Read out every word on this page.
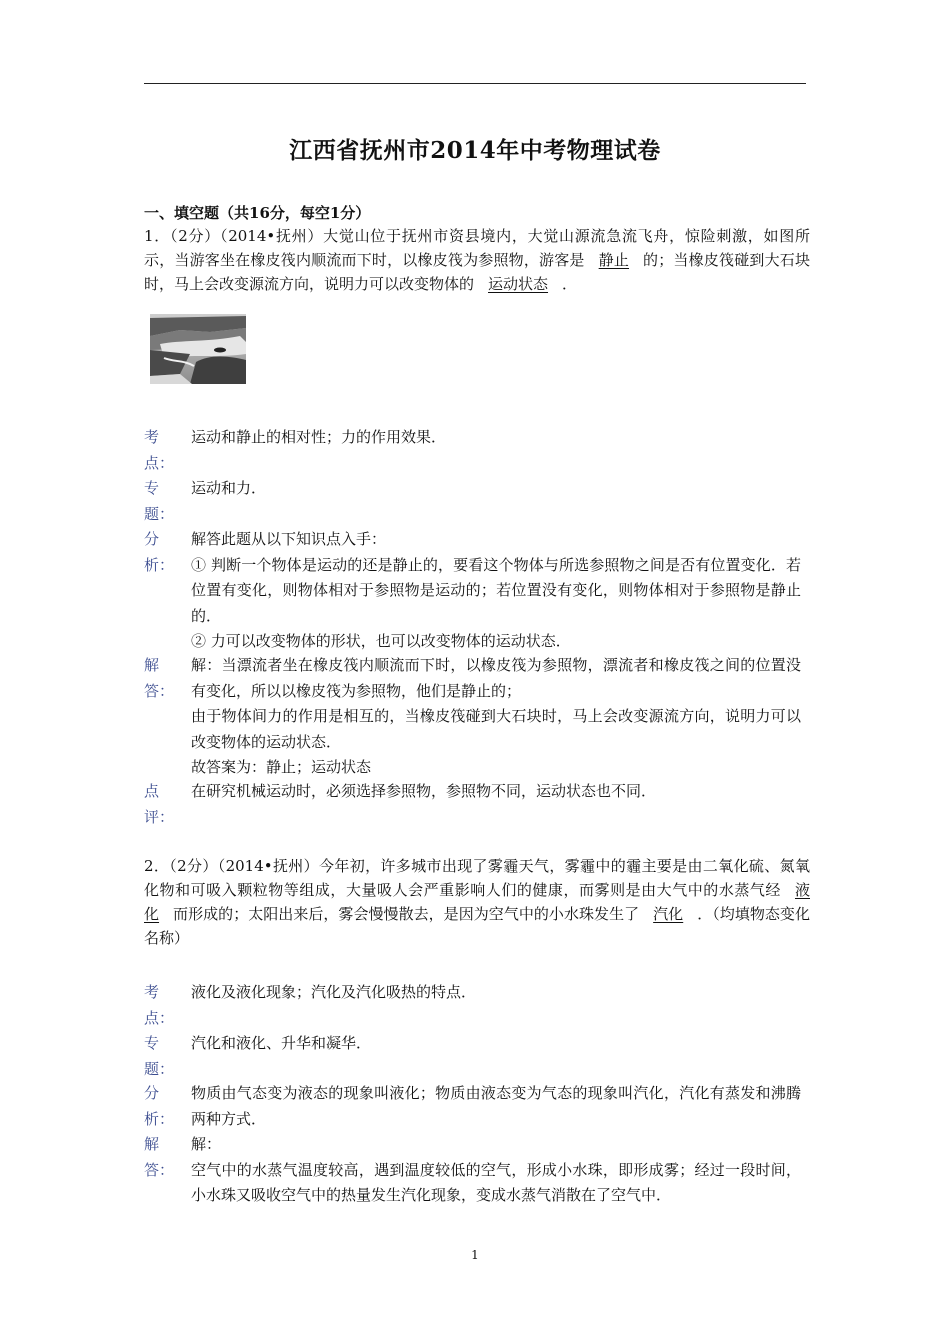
江西省抚州市2014年中考物理试卷
一、填空题（共16分，每空1分）
1．（2分）（2014•抚州）大觉山位于抚州市资县境内，大觉山源流急流飞舟，惊险刺激，如图所示，当游客坐在橡皮筏内顺流而下时，以橡皮筏为参照物，游客是 静止 的；当橡皮筏碰到大石块时，马上会改变源流方向，说明力可以改变物体的 运动状态 ．
考
点：
运动和静止的相对性；力的作用效果．
专
题：
运动和力．
分
析：
解答此题从以下知识点入手：
① 判断一个物体是运动的还是静止的，要看这个物体与所选参照物之间是否有位置变化．若位置有变化，则物体相对于参照物是运动的；若位置没有变化，则物体相对于参照物是静止的．
② 力可以改变物体的形状，也可以改变物体的运动状态．
解
答：
解：当漂流者坐在橡皮筏内顺流而下时，以橡皮筏为参照物，漂流者和橡皮筏之间的位置没有变化，所以以橡皮筏为参照物，他们是静止的；
由于物体间力的作用是相互的，当橡皮筏碰到大石块时，马上会改变源流方向，说明力可以改变物体的运动状态．
故答案为：静止；运动状态
点
评：
在研究机械运动时，必须选择参照物，参照物不同，运动状态也不同．
2．（2分）（2014•抚州）今年初，许多城市出现了雾霾天气，雾霾中的霾主要是由二氧化硫、氮氧化物和可吸入颗粒物等组成，大量吸人会严重影响人们的健康，而雾则是由大气中的水蒸气经 液化 而形成的；太阳出来后，雾会慢慢散去，是因为空气中的小水珠发生了 汽化 ．（均填物态变化名称）
考
点：
液化及液化现象；汽化及汽化吸热的特点．
专
题：
汽化和液化、升华和凝华．
分
析：
物质由气态变为液态的现象叫液化；物质由液态变为气态的现象叫汽化，汽化有蒸发和沸腾两种方式．
解
答：
解：
空气中的水蒸气温度较高，遇到温度较低的空气，形成小水珠，即形成雾；经过一段时间，小水珠又吸收空气中的热量发生汽化现象，变成水蒸气消散在了空气中．
1
